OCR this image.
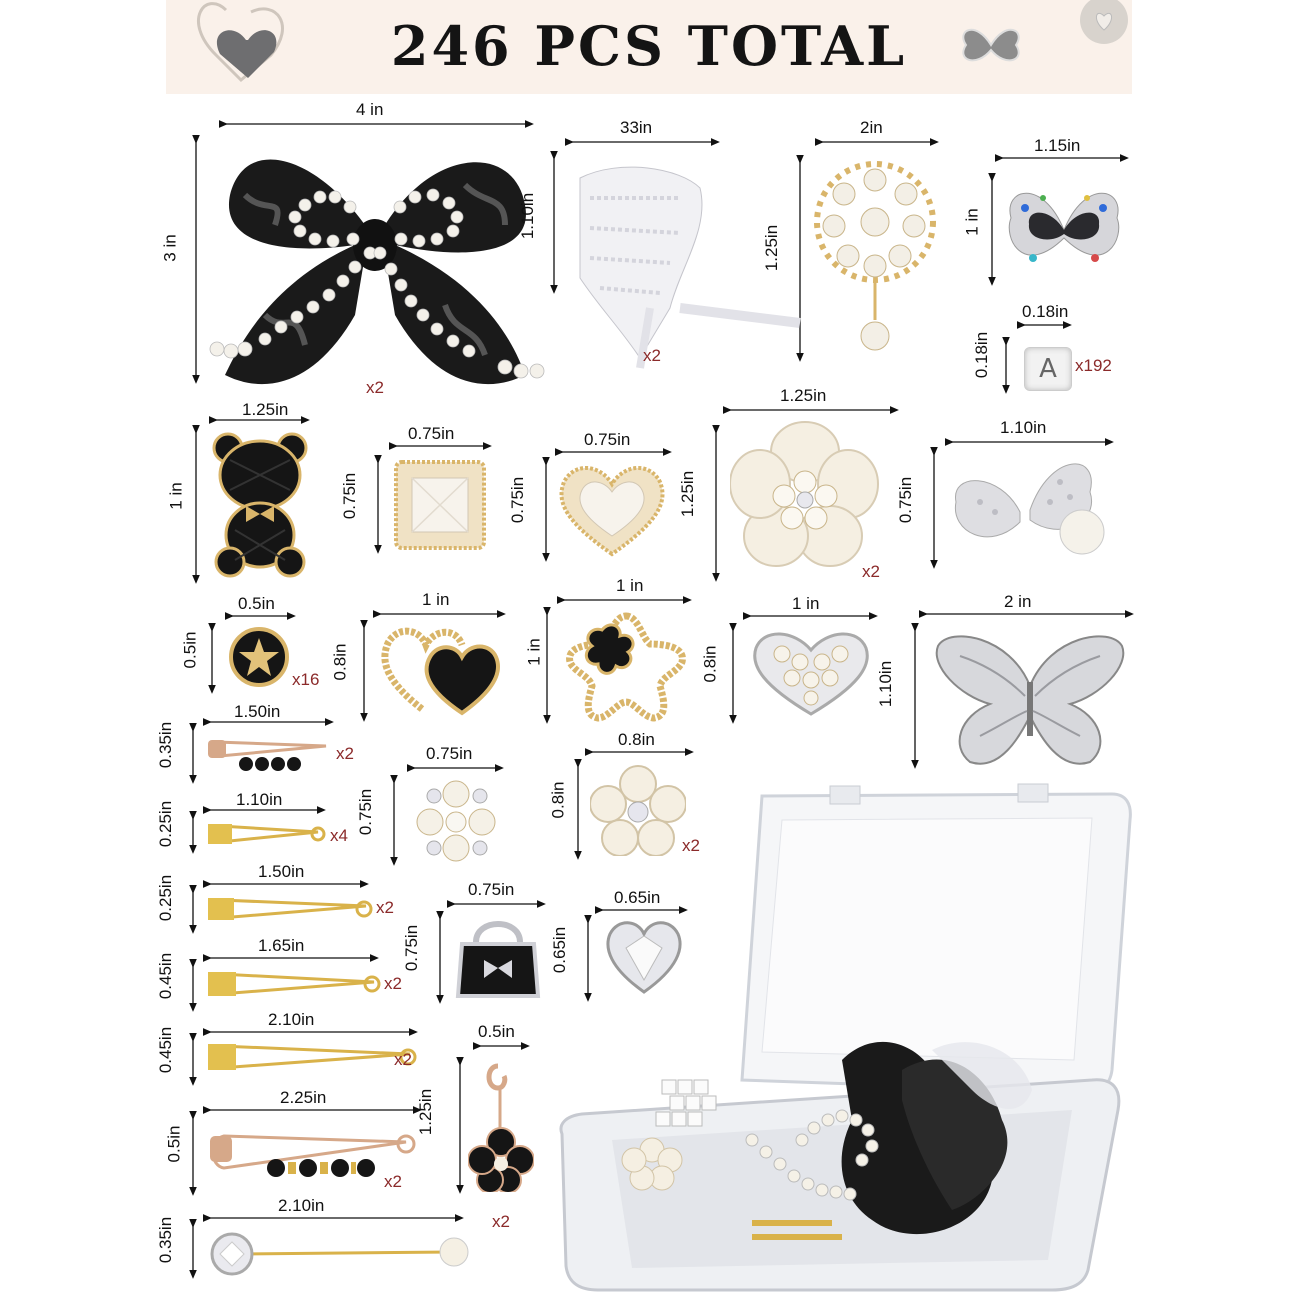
246 PCS TOTAL
4 in
3 in
x2
33in
1.10in
x2
2in
1.25in
1.15in
1 in
A
0.18in
0.18in	x192
1.25in
1 in
0.75in
0.75in
0.75in
0.75in
1.25in
1.25in
x2
1.10in
0.75in
0.5in
0.5in
x16
1 in
0.8in
1 in
1 in
1 in
0.8in
2 in
1.10in
1.50in
0.35in	x2
1.10in
0.25in	x4
1.50in
0.25in	x2
1.65in
0.45in	x2
2.10in
0.45in	x2
2.25in
0.5in
x2
2.10in
0.35in
0.75in
0.75in
0.8in
0.8in
x2
0.75in
0.75in
0.65in
0.65in
0.5in
1.25in
x2
